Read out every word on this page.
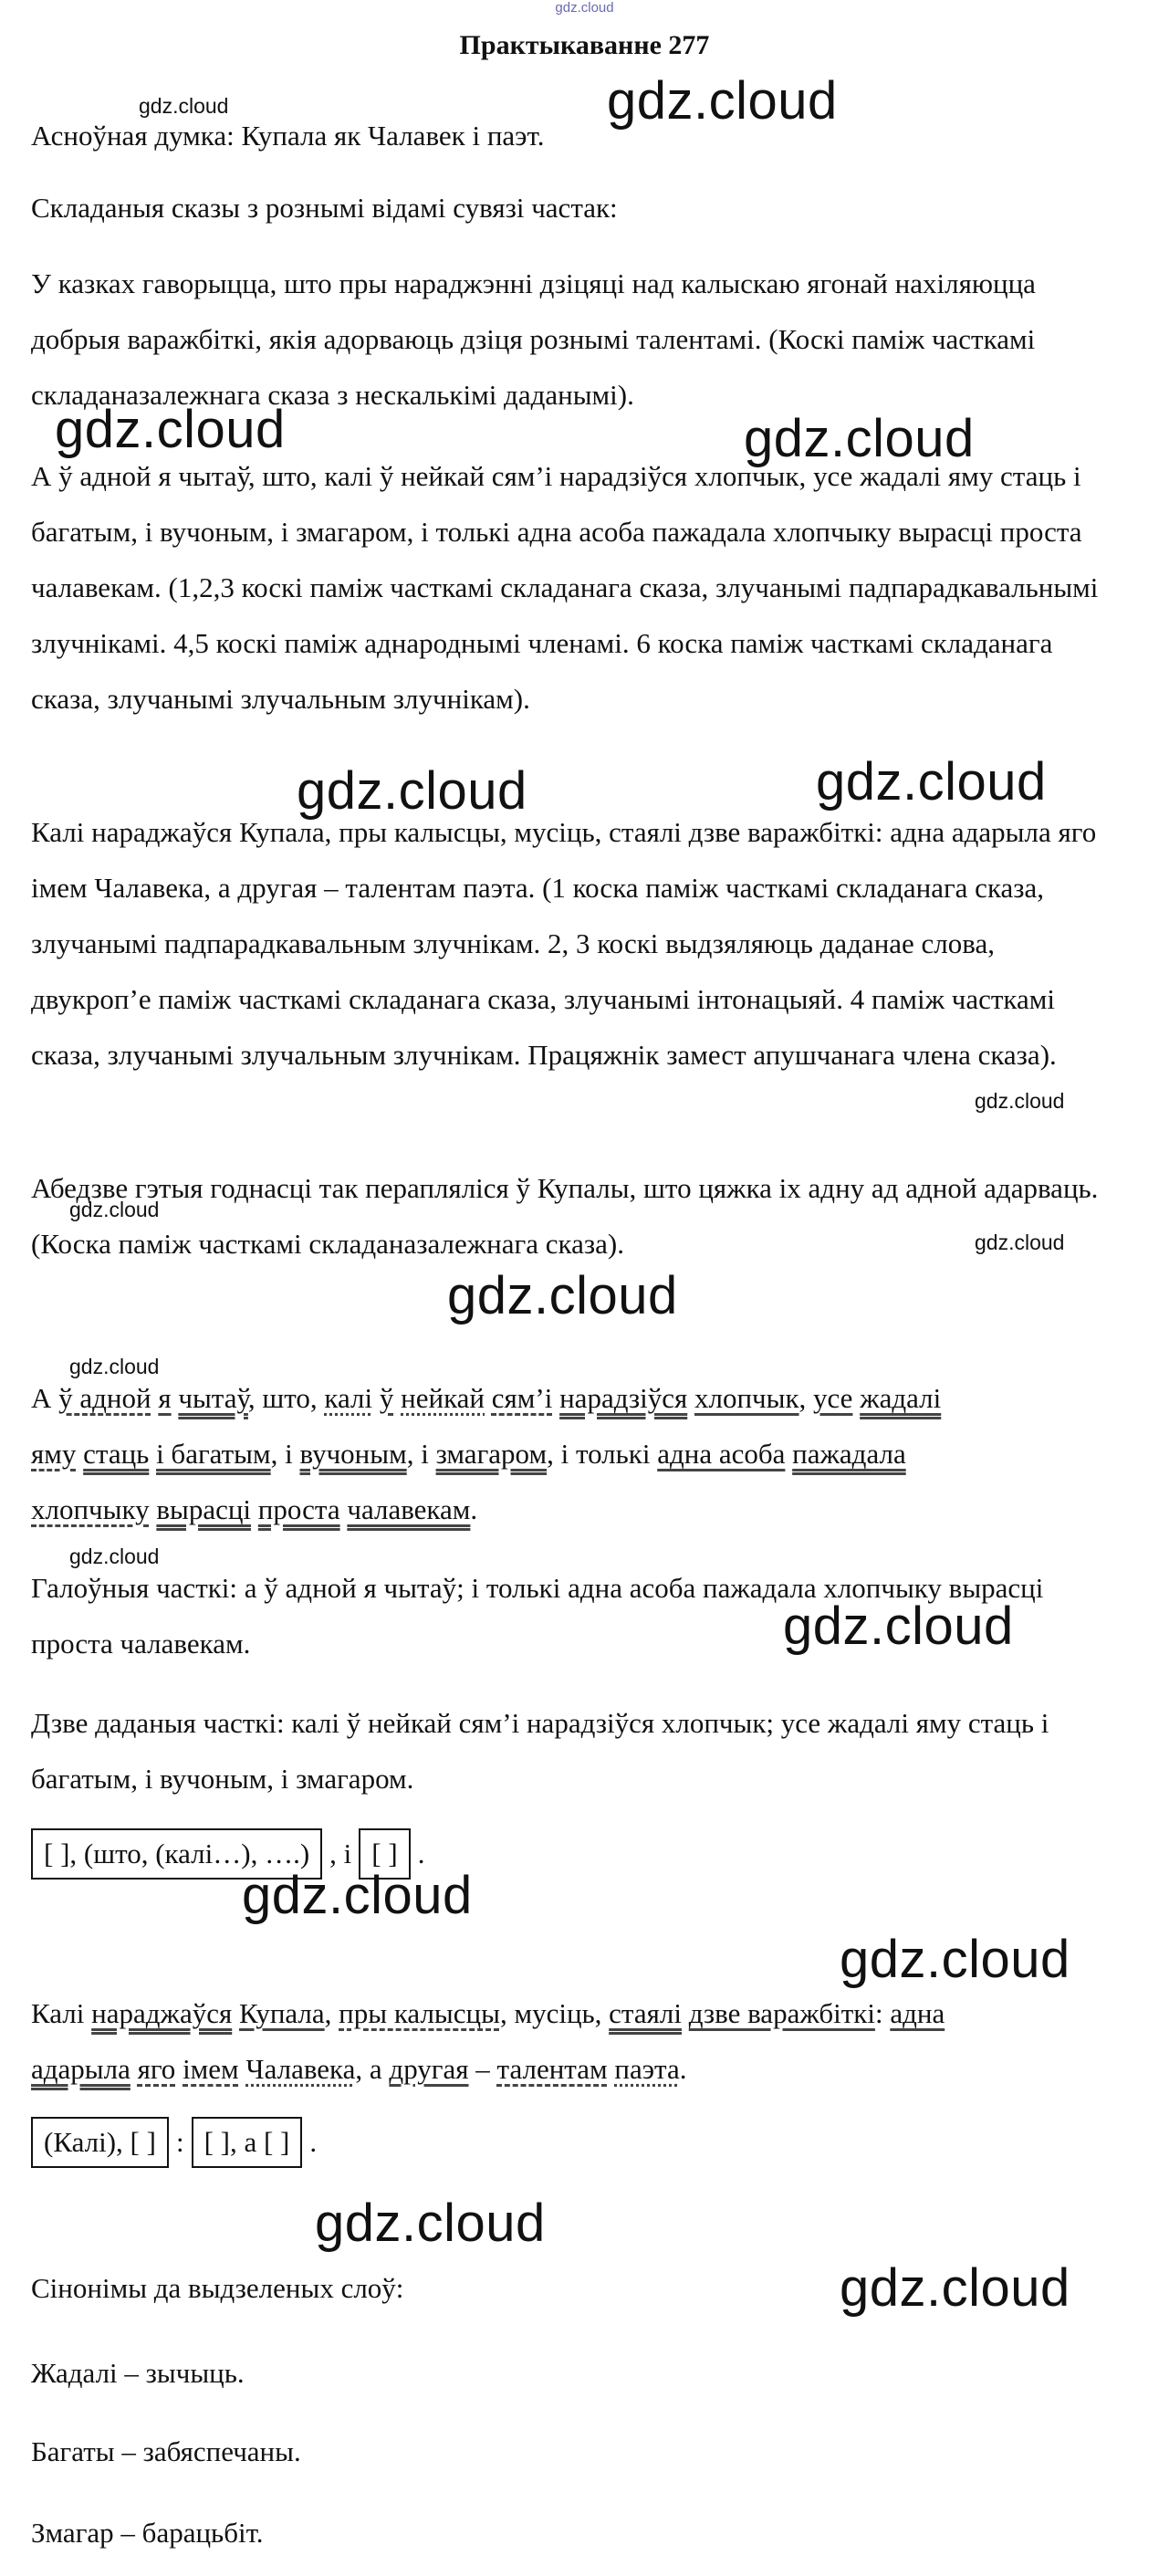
gdz.cloud
Практыкаванне 277

Асноўная думка: Купала як Чалавек і паэт.

Складаныя сказы з рознымі відамі сувязі частак:

У казках гаворыцца, што пры нараджэнні дзіцяці над калыскаю ягонай нахіляюцца добрыя варажбіткі, якія адорваюць дзіця рознымі талентамі. (Коскі паміж часткамі складаназалежнага сказа з нескалькімі даданымі).

А ў адной я чытаў, што, калі ў нейкай сям’і нарадзіўся хлопчык, усе жадалі яму стаць і багатым, і вучоным, і змагаром, і толькі адна асоба пажадала хлопчыку вырасці проста чалавекам. (1,2,3 коскі паміж часткамі складанага сказа, злучанымі падпарадкавальнымі злучнікамі. 4,5 коскі паміж аднароднымі членамі. 6 коска паміж часткамі складанага сказа, злучанымі злучальным злучнікам).

Калі нараджаўся Купала, пры калысцы, мусіць, стаялі дзве варажбіткі: адна адарыла яго імем Чалавека, а другая – талентам паэта. (1 коска паміж часткамі складанага сказа, злучанымі падпарадкавальным злучнікам. 2, 3 коскі выдзяляюць даданае слова, двукроп’е паміж часткамі складанага сказа, злучанымі інтонацыяй. 4 паміж часткамі сказа, злучанымі злучальным злучнікам. Працяжнік замест апушчанага члена сказа).

Абедзве гэтыя годнасці так перапляліся ў Купалы, што цяжка іх адну ад адной адарваць. (Коска паміж часткамі складаназалежнага сказа).

А ў адной я чытаў, што, калі ў нейкай сям’і нарадзіўся хлопчык, усе жадалі
яму стаць і багатым, і вучоным, і змагаром, і толькі адна асоба пажадала
хлопчыку вырасці проста чалавекам.

Галоўныя часткі: а ў адной я чытаў; і толькі адна асоба пажадала хлопчыку вырасці проста чалавекам.

Дзве даданыя часткі: калі ў нейкай сям’і нарадзіўся хлопчык; усе жадалі яму стаць і багатым, і вучоным, і змагаром.

[ ], (што, (калі…), ….) , і [ ] .
Калі нараджаўся Купала, пры калысцы, мусіць, стаялі дзве варажбіткі: адна
адарыла яго імем Чалавека, а другая – талентам паэта.
(Калі), [ ] : [ ], а [ ] .

Сінонімы да выдзеленых слоў:

Жадалі – зычыць.

Багаты – забяспечаны.

Змагар – барацьбіт.

gdz.cloud	gdz.cloud
gdz.cloud	gdz.cloud
gdz.cloud	gdz.cloud
gdz.cloud
gdz.cloud
gdz.cloud
gdz.cloud
gdz.cloud
gdz.cloud
gdz.cloud
gdz.cloud
gdz.cloud
gdz.cloud
gdz.cloud
